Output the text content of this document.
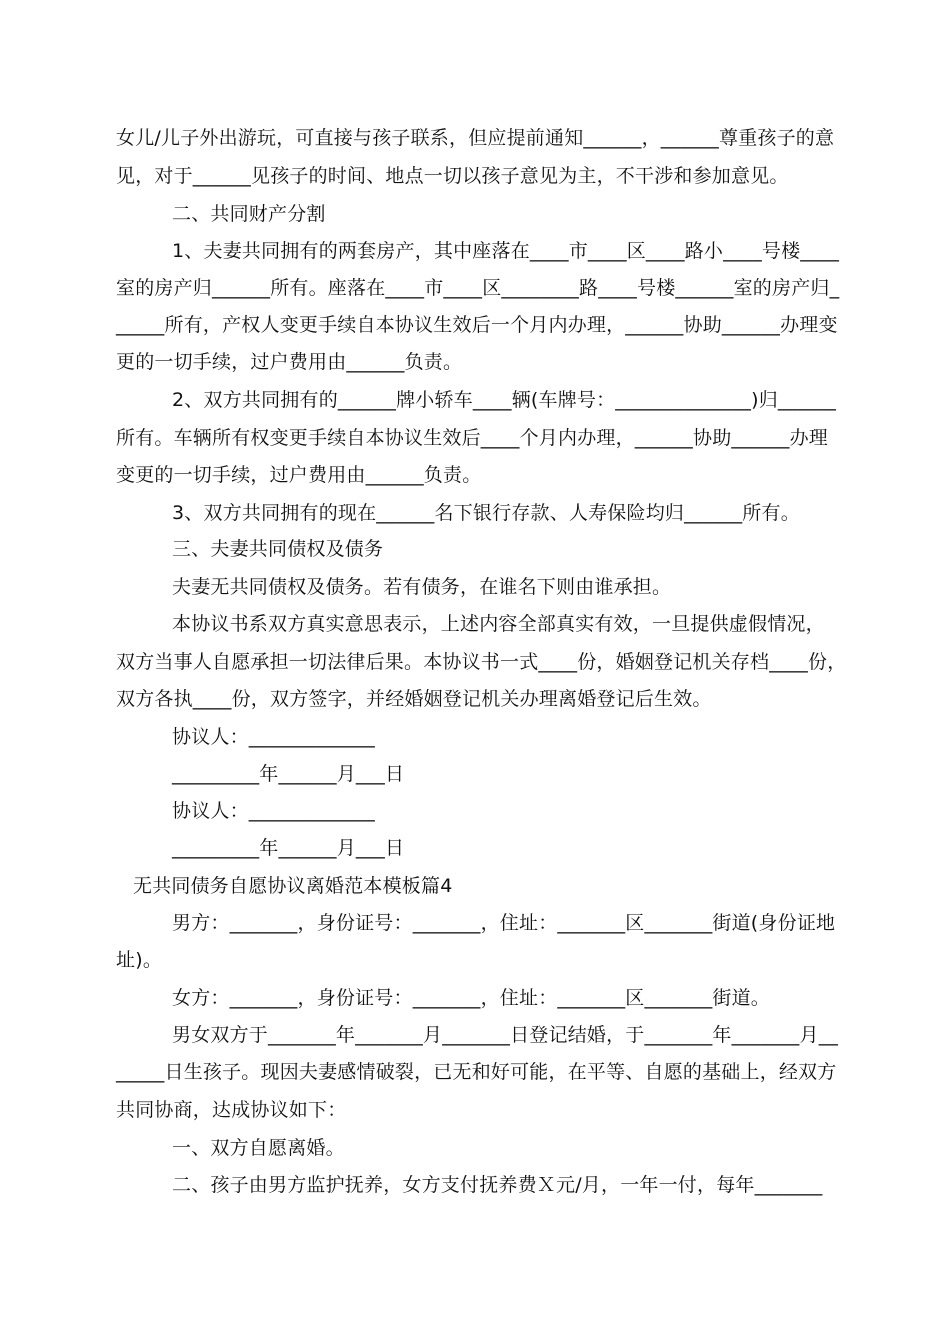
女儿/儿子外出游玩，可直接与孩子联系，但应提前通知______，______尊重孩子的意
见，对于______见孩子的时间、地点一切以孩子意见为主，不干涉和参加意见。
二、共同财产分割
1、夫妻共同拥有的两套房产，其中座落在____市____区____路小____号楼____
室的房产归______所有。座落在____市____区________路____号楼______室的房产归_
_____所有，产权人变更手续自本协议生效后一个月内办理，______协助______办理变
更的一切手续，过户费用由______负责。
2、双方共同拥有的______牌小轿车____辆(车牌号：______________)归______
所有。车辆所有权变更手续自本协议生效后____个月内办理，______协助______办理
变更的一切手续，过户费用由______负责。
3、双方共同拥有的现在______名下银行存款、人寿保险均归______所有。
三、夫妻共同债权及债务
夫妻无共同债权及债务。若有债务，在谁名下则由谁承担。
本协议书系双方真实意思表示，上述内容全部真实有效，一旦提供虚假情况，
双方当事人自愿承担一切法律后果。本协议书一式____份，婚姻登记机关存档____份，
双方各执____份，双方签字，并经婚姻登记机关办理离婚登记后生效。
协议人：_____________
_________年______月___日
协议人：_____________
_________年______月___日
无共同债务自愿协议离婚范本模板篇4
男方：_______，身份证号：_______，住址：_______区_______街道(身份证地
址)。
女方：_______，身份证号：_______，住址：_______区_______街道。
男女双方于_______年_______月_______日登记结婚，于_______年_______月__
_____日生孩子。现因夫妻感情破裂，已无和好可能，在平等、自愿的基础上，经双方
共同协商，达成协议如下：
一、双方自愿离婚。
二、孩子由男方监护抚养，女方支付抚养费Ｘ元/月，一年一付，每年_______
